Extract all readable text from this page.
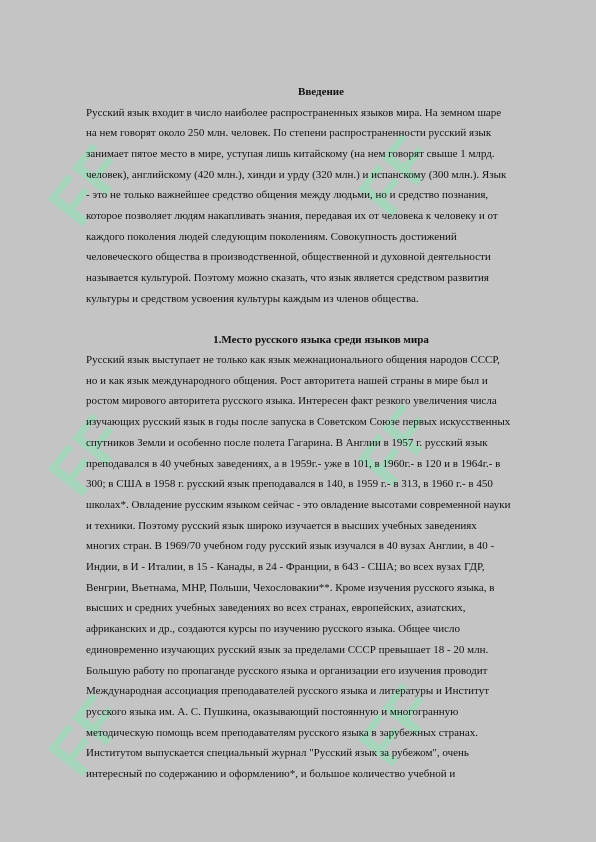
FF	FF
FF	FF
FF	FF
Введение

Русский язык входит в число наиболее распространенных языков мира. На земном шаре
на нем говорят около 250 млн. человек. По степени распространенности русский язык
занимает пятое место в мире, уступая лишь китайскому (на нем говорят свыше 1 млрд.
человек), английскому (420 млн.), хинди и урду (320 млн.) и испанскому (300 млн.). Язык
- это не только важнейшее средство общения между людьми, но и средство познания,
которое позволяет людям накапливать знания, передавая их от человека к человеку и от
каждого поколения людей следующим поколениям. Совокупность достижений
человеческого общества в производственной, общественной и духовной деятельности
называется культурой. Поэтому можно сказать, что язык является средством развития
культуры и средством усвоения культуры каждым из членов общества.

1.Место русского языка среди языков мира

Русский язык выступает не только как язык межнационального общения народов СССР,
но и как язык международного общения. Рост авторитета нашей страны в мире был и
ростом мирового авторитета русского языка. Интересен факт резкого увеличения числа
изучающих русский язык в годы после запуска в Советском Союзе первых искусственных
спутников Земли и особенно после полета Гагарина. В Англии в 1957 г. русский язык
преподавался в 40 учебных заведениях, а в 1959г.- уже в 101, в 1960г.- в 120 и в 1964г.- в
300; в США в 1958 г. русский язык преподавался в 140, в 1959 г.- в 313, в 1960 г.- в 450
школах*. Овладение русским языком сейчас - это овладение высотами современной науки
и техники. Поэтому русский язык широко изучается в высших учебных заведениях
многих стран. В 1969/70 учебном году русский язык изучался в 40 вузах Англии, в 40 -
Индии, в И - Италии, в 15 - Канады, в 24 - Франции, в 643 - США; во всех вузах ГДР,
Венгрии, Вьетнама, МНР, Польши, Чехословакии**. Кроме изучения русского языка, в
высших и средних учебных заведениях во всех странах, европейских, азиатских,
африканских и др., создаются курсы по изучению русского языка. Общее число
единовременно изучающих русский язык за пределами СССР превышает 18 - 20 млн.
Большую работу по пропаганде русского языка и организации его изучения проводит
Международная ассоциация преподавателей русского языка и литературы и Институт
русского языка им. А. С. Пушкина, оказывающий постоянную и многогранную
методическую помощь всем преподавателям русского языка в зарубежных странах.
Институтом выпускается специальный журнал "Русский язык за рубежом", очень
интересный по содержанию и оформлению*, и большое количество учебной и
